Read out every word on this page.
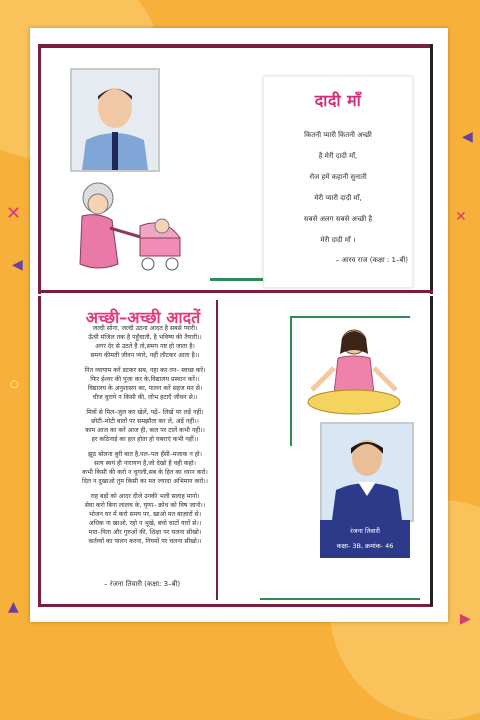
✕	✕
◀
◀
▲
▶
○
दादी माँ
कितनी प्यारी कितनी अच्छी
है मेरी दादी माँ,
रोज हमें कहानी सुनाती
मेरी प्यारी दादी माँ,
सबसे अलग सबसे अच्छी है
मेरी दादी माँ ।
– आरव राज (कक्षा : 1–बी)
अच्छी–अच्छी आदतें
जल्दी सोना, जल्दी उठना आदत है सबसे प्यारी।
ऊँची मंजिल तक है पहुँचाती, है भविष्य की तैयारी।।
अगर देर से उठते हैं तो,समय नष्ट हो जाता है।
समय कीमती जीवन प्यारे, नहीं लौटकर आता है।।
नित व्यायाम करें डटकर सब, नहा कर तन– स्वच्छ करें।
फिर ईश्वर की पूजा कर के,विद्यालय प्रस्थान करें।।
विद्यालय के अनुशासन का, पालन करें सहज मन से।
चीज चुराये न किसी की, लोभ हटाएँ जीवन से।।
मित्रों से मिल–जुल कर खेलें, पढ़ें– लिखें पर लड़ें नहीं।
छोटी–मोटी बातों पर समझौता कर लें, अड़ें नहीं।।
काम आज का करें आज ही, कल पर टालें कभी नहीं।।
हर कठिनाई का हल होता हो घबराएं कभी नहीं।।
झूठ बोलना बुरी बात है,पल–पल हँसी–मजाक न हो।
सत्य स्वयं ही नारायण है,जो देखो है वही कहो।
कभी किसी की करो न चुगली,सब के हित का ध्यान करो।
दिल न दुखाओ तुम किसी का मत ज्यादा अभिमान करो।।
राह बड़ों को आदर दीजे उनकी भली सलाह मानो।
सेवा करो बिना लालच के, घृणा– क्रोध को विष जानो।।
भोजन घर में करो समय पर, खाओ मत बाज़ारों से।
अधिक ना खाओ, रहो न भूखे, बचो चाटों यारों से।।
मात–पिता और गुरुओं की, शिक्षा पर चलना सीखो।
कर्तव्यों का पालन करना, नियमों पर चलना सीखो।।
– रंजना तिवारी (कक्षा: 3–बी)
रंजना तिवारी
कक्षा- 3B, क्रमांक- 46
